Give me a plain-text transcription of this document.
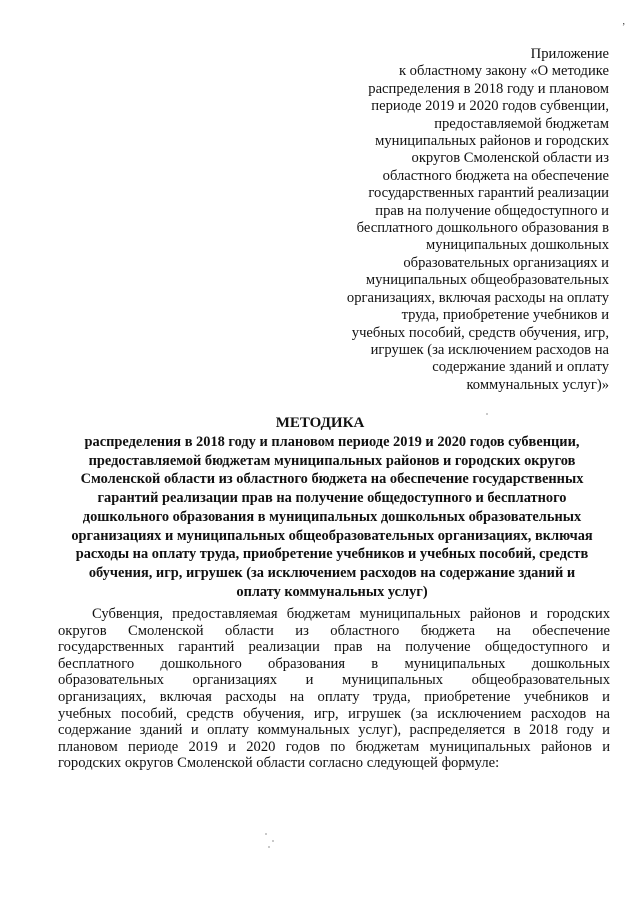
Приложение
к областному закону «О методике
распределения в 2018 году и плановом
периоде 2019 и 2020 годов субвенции,
предоставляемой бюджетам
муниципальных районов и городских
округов Смоленской области из
областного бюджета на обеспечение
государственных гарантий реализации
прав на получение общедоступного и
бесплатного дошкольного образования в
муниципальных дошкольных
образовательных организациях и
муниципальных общеобразовательных
организациях, включая расходы на оплату
труда, приобретение учебников и
учебных пособий, средств обучения, игр,
игрушек (за исключением расходов на
содержание зданий и оплату
коммунальных услуг)»
МЕТОДИКА
распределения в 2018 году и плановом периоде 2019 и 2020 годов субвенции,
предоставляемой бюджетам муниципальных районов и городских округов
Смоленской области из областного бюджета на обеспечение государственных
гарантий реализации прав на получение общедоступного и бесплатного
дошкольного образования в муниципальных дошкольных образовательных
организациях и муниципальных общеобразовательных организациях, включая
расходы на оплату труда, приобретение учебников и учебных пособий, средств
обучения, игр, игрушек (за исключением расходов на содержание зданий и
оплату коммунальных услуг)
Субвенция, предоставляемая бюджетам муниципальных районов и городских
округов Смоленской области из областного бюджета на обеспечение
государственных гарантий реализации прав на получение общедоступного и
бесплатного дошкольного образования в муниципальных дошкольных
образовательных организациях и муниципальных общеобразовательных
организациях, включая расходы на оплату труда, приобретение учебников и
учебных пособий, средств обучения, игр, игрушек (за исключением расходов на
содержание зданий и оплату коммунальных услуг), распределяется в 2018 году и
плановом периоде 2019 и 2020 годов по бюджетам муниципальных районов и
городских округов Смоленской области согласно следующей формуле:
ʼ
